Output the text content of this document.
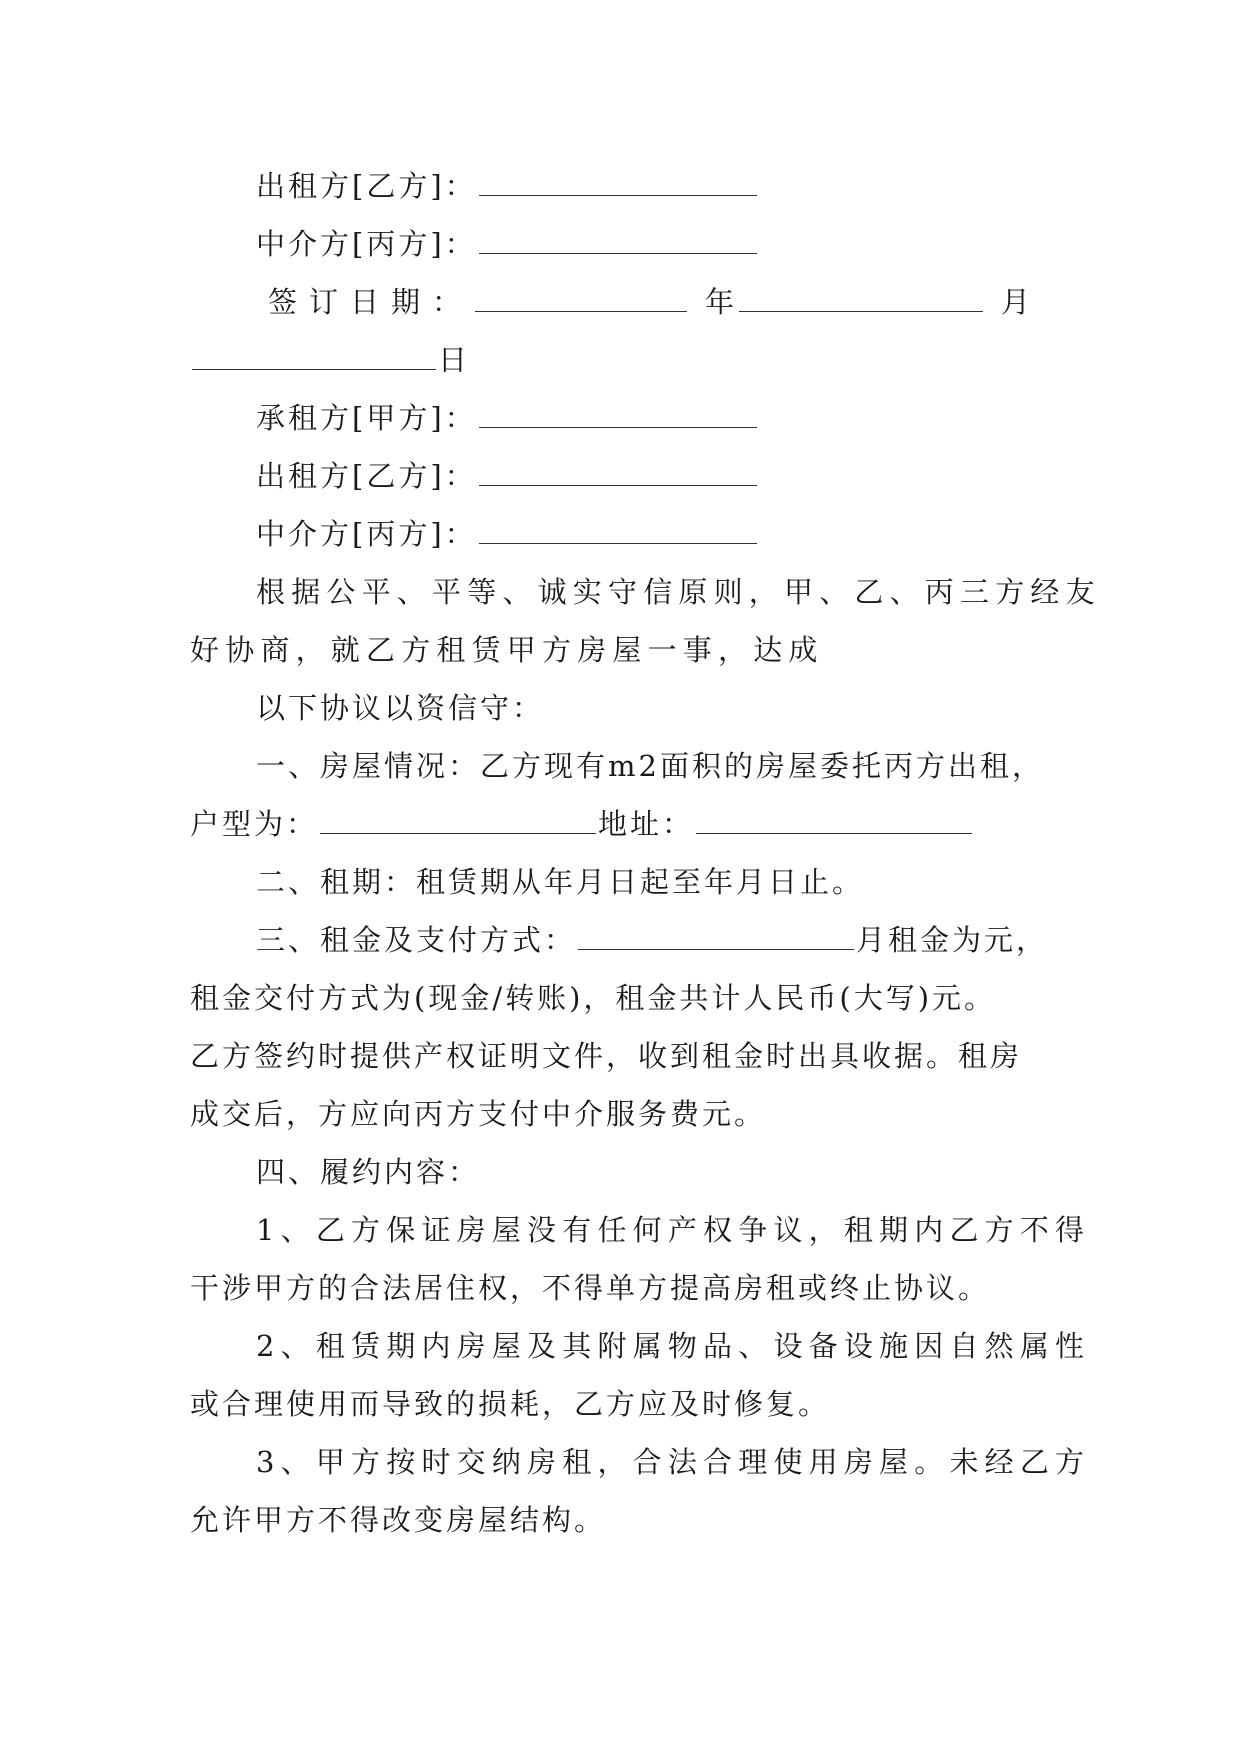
出租方[乙方]：
中介方[丙方]：
签订日期：	年	月
日
承租方[甲方]：
出租方[乙方]：
中介方[丙方]：
根据公平、平等、诚实守信原则，甲、乙、丙三方经友
好协商，就乙方租赁甲方房屋一事，达成
以下协议以资信守：
一、房屋情况：乙方现有m2面积的房屋委托丙方出租，
户型为：	地址：
二、租期：租赁期从年月日起至年月日止。
三、租金及支付方式：	月租金为元，
租金交付方式为(现金/转账)，租金共计人民币(大写)元。
乙方签约时提供产权证明文件，收到租金时出具收据。租房
成交后，方应向丙方支付中介服务费元。
四、履约内容：
1、乙方保证房屋没有任何产权争议，租期内乙方不得
干涉甲方的合法居住权，不得单方提高房租或终止协议。
2、租赁期内房屋及其附属物品、设备设施因自然属性
或合理使用而导致的损耗，乙方应及时修复。
3、甲方按时交纳房租，合法合理使用房屋。未经乙方
允许甲方不得改变房屋结构。
